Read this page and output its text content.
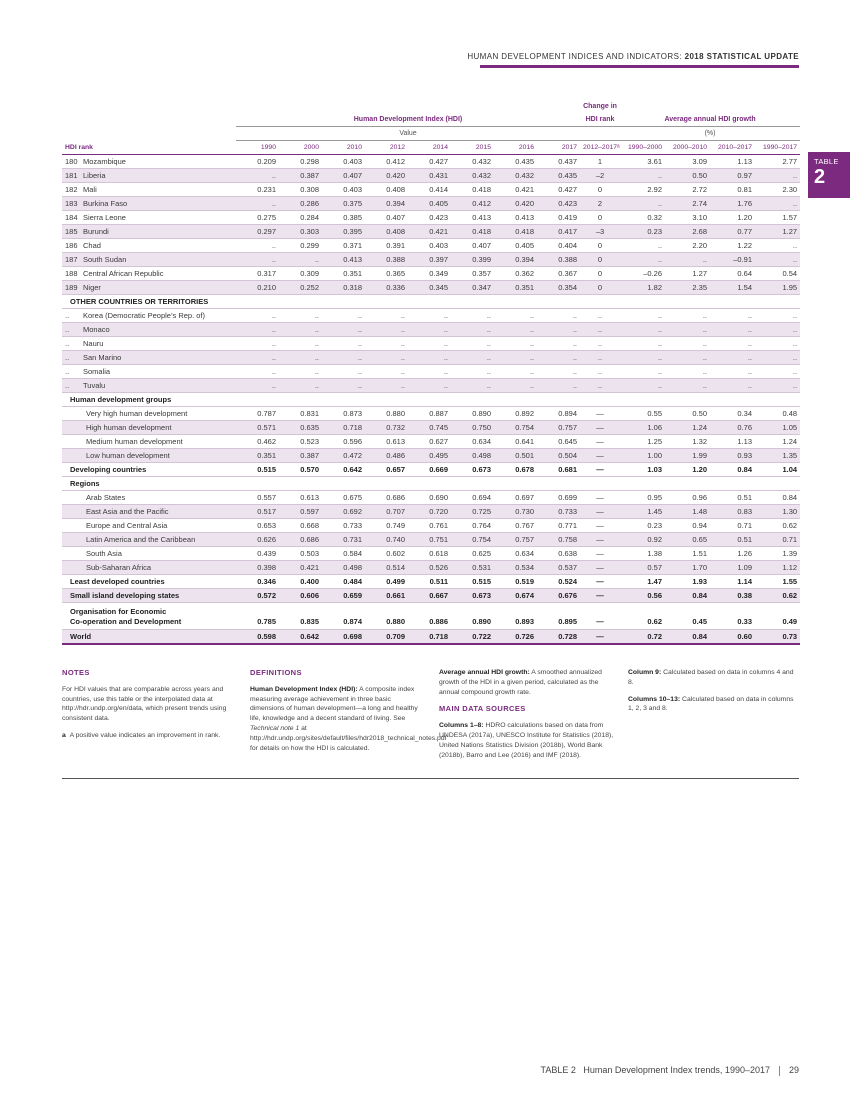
HUMAN DEVELOPMENT INDICES AND INDICATORS: 2018 STATISTICAL UPDATE
TABLE
2
	Human Development Index (HDI)								Change in
HDI rank	Average annual HDI growth			
	Value									(%)			
HDI rank	1990	2000	2010	2012	2014	2015	2016	2017	2012–2017ᵃ	1990–2000	2000–2010	2010–2017	1990–2017
180 Mozambique	0.209	0.298	0.403	0.412	0.427	0.432	0.435	0.437	1	3.61	3.09	1.13	2.77
181 Liberia	..	0.387	0.407	0.420	0.431	0.432	0.432	0.435	–2	..	0.50	0.97	..
182 Mali	0.231	0.308	0.403	0.408	0.414	0.418	0.421	0.427	0	2.92	2.72	0.81	2.30
183 Burkina Faso	..	0.286	0.375	0.394	0.405	0.412	0.420	0.423	2	..	2.74	1.76	..
184 Sierra Leone	0.275	0.284	0.385	0.407	0.423	0.413	0.413	0.419	0	0.32	3.10	1.20	1.57
185 Burundi	0.297	0.303	0.395	0.408	0.421	0.418	0.418	0.417	–3	0.23	2.68	0.77	1.27
186 Chad	..	0.299	0.371	0.391	0.403	0.407	0.405	0.404	0	..	2.20	1.22	..
187 South Sudan	..	..	0.413	0.388	0.397	0.399	0.394	0.388	0	..	..	–0.91	..
188 Central African Republic	0.317	0.309	0.351	0.365	0.349	0.357	0.362	0.367	0	–0.26	1.27	0.64	0.54
189 Niger	0.210	0.252	0.318	0.336	0.345	0.347	0.351	0.354	0	1.82	2.35	1.54	1.95
OTHER COUNTRIES OR TERRITORIES													
.. Korea (Democratic People’s Rep. of)	..	..	..	..	..	..	..	..	..	..	..	..	..
.. Monaco	..	..	..	..	..	..	..	..	..	..	..	..	..
.. Nauru	..	..	..	..	..	..	..	..	..	..	..	..	..
.. San Marino	..	..	..	..	..	..	..	..	..	..	..	..	..
.. Somalia	..	..	..	..	..	..	..	..	..	..	..	..	..
.. Tuvalu	..	..	..	..	..	..	..	..	..	..	..	..	..
Human development groups													
Very high human development	0.787	0.831	0.873	0.880	0.887	0.890	0.892	0.894	—	0.55	0.50	0.34	0.48
High human development	0.571	0.635	0.718	0.732	0.745	0.750	0.754	0.757	—	1.06	1.24	0.76	1.05
Medium human development	0.462	0.523	0.596	0.613	0.627	0.634	0.641	0.645	—	1.25	1.32	1.13	1.24
Low human development	0.351	0.387	0.472	0.486	0.495	0.498	0.501	0.504	—	1.00	1.99	0.93	1.35
Developing countries	0.515	0.570	0.642	0.657	0.669	0.673	0.678	0.681	—	1.03	1.20	0.84	1.04
Regions													
Arab States	0.557	0.613	0.675	0.686	0.690	0.694	0.697	0.699	—	0.95	0.96	0.51	0.84
East Asia and the Pacific	0.517	0.597	0.692	0.707	0.720	0.725	0.730	0.733	—	1.45	1.48	0.83	1.30
Europe and Central Asia	0.653	0.668	0.733	0.749	0.761	0.764	0.767	0.771	—	0.23	0.94	0.71	0.62
Latin America and the Caribbean	0.626	0.686	0.731	0.740	0.751	0.754	0.757	0.758	—	0.92	0.65	0.51	0.71
South Asia	0.439	0.503	0.584	0.602	0.618	0.625	0.634	0.638	—	1.38	1.51	1.26	1.39
Sub-Saharan Africa	0.398	0.421	0.498	0.514	0.526	0.531	0.534	0.537	—	0.57	1.70	1.09	1.12
Least developed countries	0.346	0.400	0.484	0.499	0.511	0.515	0.519	0.524	—	1.47	1.93	1.14	1.55
Small island developing states	0.572	0.606	0.659	0.661	0.667	0.673	0.674	0.676	—	0.56	0.84	0.38	0.62
Organisation for Economic
Co-operation and Development	0.785	0.835	0.874	0.880	0.886	0.890	0.893	0.895	—	0.62	0.45	0.33	0.49
World	0.598	0.642	0.698	0.709	0.718	0.722	0.726	0.728	—	0.72	0.84	0.60	0.73
NOTES

For HDI values that are comparable across years and countries, use this table or the interpolated data at http://hdr.undp.org/en/data, which present trends using consistent data.

a A positive value indicates an improvement in rank.

DEFINITIONS

Human Development Index (HDI): A composite index measuring average achievement in three basic dimensions of human development—a long and healthy life, knowledge and a decent standard of living. See Technical note 1 at http://hdr.undp.org/sites/default/files/hdr2018_technical_notes.pdf for details on how the HDI is calculated.

Average annual HDI growth: A smoothed annualized growth of the HDI in a given period, calculated as the annual compound growth rate.

MAIN DATA SOURCES

Columns 1–8: HDRO calculations based on data from UNDESA (2017a), UNESCO Institute for Statistics (2018), United Nations Statistics Division (2018b), World Bank (2018b), Barro and Lee (2016) and IMF (2018).

Column 9: Calculated based on data in columns 4 and 8.

Columns 10–13: Calculated based on data in columns 1, 2, 3 and 8.

TABLE 2 Human Development Index trends, 1990–2017 29
